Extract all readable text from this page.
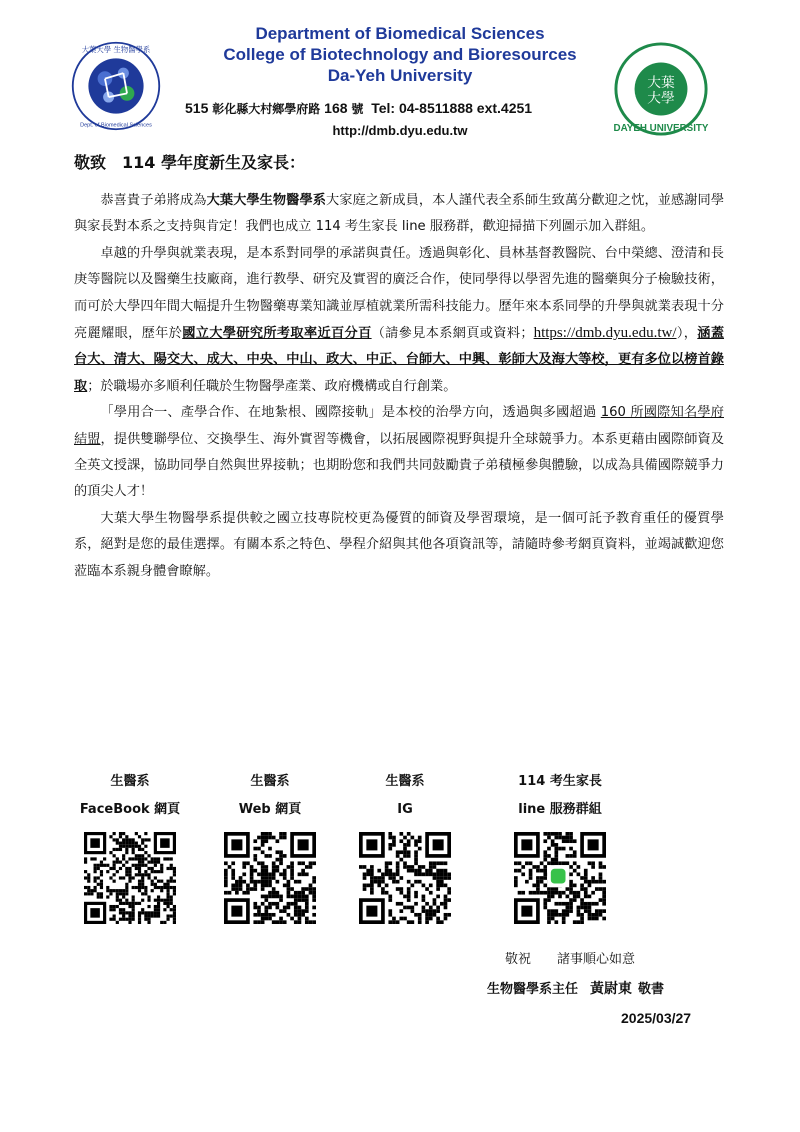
大葉大學 生物醫學系
Dept. of Biomedical Sciences
Department of Biomedical Sciences
College of Biotechnology and Bioresources
Da-Yeh University
515 彰化縣大村鄉學府路 168 號 Tel: 04-8511888 ext.4251
http://dmb.dyu.edu.tw
大葉
大學
DAYEH UNIVERSITY
敬致　114 學年度新生及家長：

恭喜貴子弟將成為大葉大學生物醫學系大家庭之新成員，本人謹代表全系師生致萬分歡迎之忱，並感謝同學與家長對本系之支持與肯定！我們也成立 114 考生家長 line 服務群，歡迎掃描下列圖示加入群組。

卓越的升學與就業表現，是本系對同學的承諾與責任。透過與彰化、員林基督教醫院、台中榮總、澄清和長庚等醫院以及醫藥生技廠商，進行教學、研究及實習的廣泛合作，使同學得以學習先進的醫藥與分子檢驗技術，而可於大學四年間大幅提升生物醫藥專業知識並厚植就業所需科技能力。歷年來本系同學的升學與就業表現十分亮麗耀眼，歷年於國立大學研究所考取率近百分百（請參見本系網頁或資料；https://dmb.dyu.edu.tw/），涵蓋台大、清大、陽交大、成大、中央、中山、政大、中正、台師大、中興、彰師大及海大等校，更有多位以榜首錄取；於職場亦多順利任職於生物醫學產業、政府機構或自行創業。

「學用合一、產學合作、在地紮根、國際接軌」是本校的治學方向，透過與多國超過 160 所國際知名學府結盟，提供雙聯學位、交換學生、海外實習等機會，以拓展國際視野與提升全球競爭力。本系更藉由國際師資及全英文授課，協助同學自然與世界接軌；也期盼您和我們共同鼓勵貴子弟積極參與體驗，以成為具備國際競爭力的頂尖人才！

大葉大學生物醫學系提供較之國立技專院校更為優質的師資及學習環境，是一個可託予教育重任的優質學系，絕對是您的最佳選擇。有關本系之特色、學程介紹與其他各項資訊等，請隨時參考網頁資料，並竭誠歡迎您蒞臨本系親身體會瞭解。

生醫系
FaceBook 網頁
生醫系
Web 網頁
生醫系
IG
114 考生家長
line 服務群組
敬祝　　諸事順心如意
生物醫學系主任 黃尉東 敬書
2025/03/27
